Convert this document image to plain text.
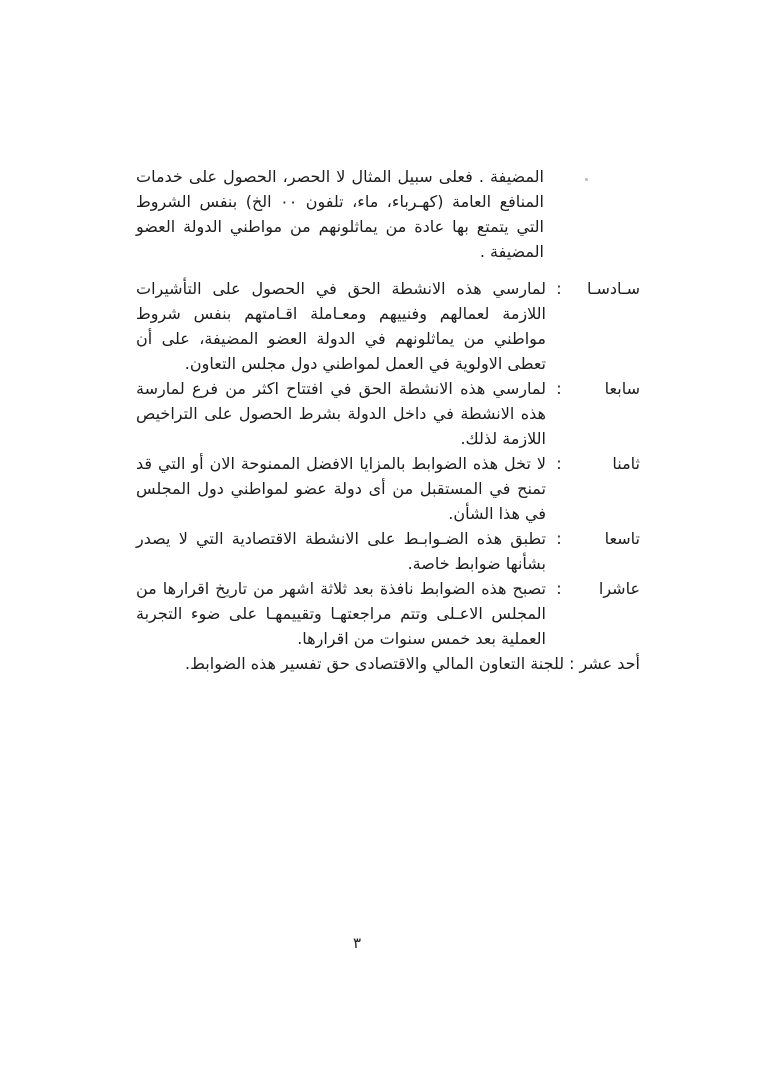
المضيفة . فعلى سبيل المثال لا الحصر، الحصول على خدمات المنافع العامة (كهـرباء، ماء، تلفون ٠٠ الخ) بنفس الشروط التي يتمتع بها عادة من يماثلونهم من مواطني الدولة العضو المضيفة .

سـادسـا
:
لمارسي هذه الانشطة الحق في الحصول على التأشيرات اللازمة لعمالهم وفنييهم ومعـاملة اقـامتهم بنفس شروط مواطني من يماثلونهم في الدولة العضو المضيفة، على أن تعطى الاولوية في العمل لمواطني دول مجلس التعاون.
سابعا
:
لمارسي هذه الانشطة الحق في افتتاح اكثر من فرع لمارسة هذه الانشطة في داخل الدولة بشرط الحصول على التراخيص اللازمة لذلك.
ثامنا
:
لا تخل هذه الضوابط بالمزايا الافضل الممنوحة الان أو التي قد تمنح في المستقبل من أى دولة عضو لمواطني دول المجلس في هذا الشأن.
تاسعا
:
تطبق هذه الضـوابـط على الانشطة الاقتصادية التي لا يصدر بشأنها ضوابط خاصة.
عاشرا
:
تصبح هذه الضوابط نافذة بعد ثلاثة اشهر من تاريخ اقرارها من المجلس الاعـلى وتتم مراجعتهـا وتقييمهـا على ضوء التجربة العملية بعد خمس سنوات من اقرارها.
أحد عشر:للجنة التعاون المالي والاقتصادى حق تفسير هذه الضوابط.
٣
